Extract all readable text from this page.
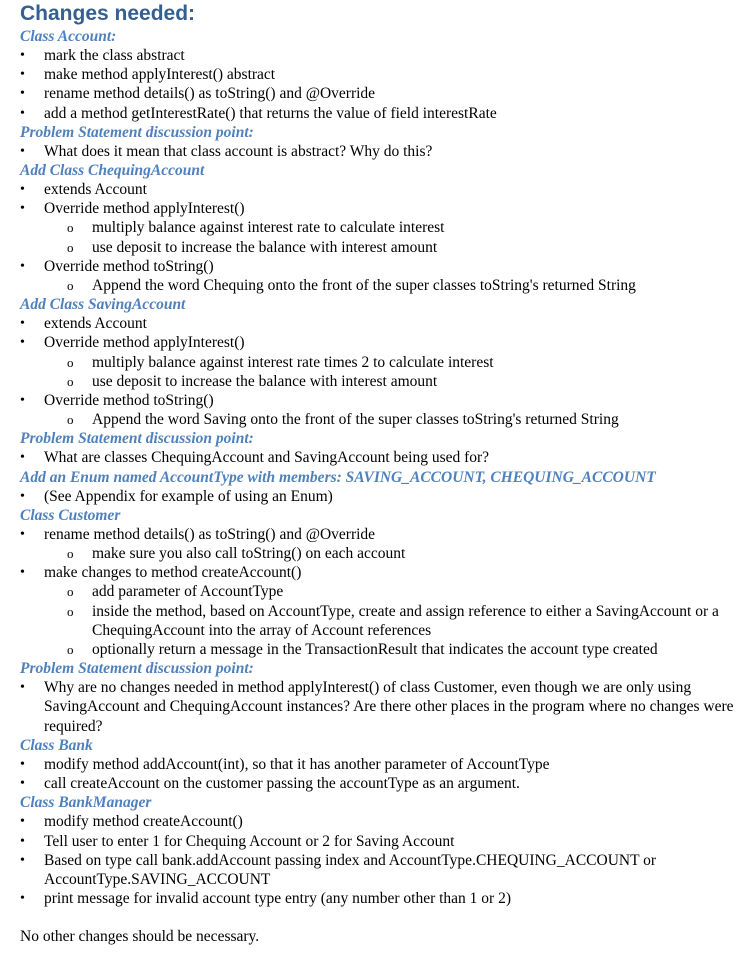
Changes needed:
Class Account:
•	mark the class abstract
•	make method applyInterest() abstract
•	rename method details() as toString() and @Override
•	add a method getInterestRate() that returns the value of field interestRate
Problem Statement discussion point:
•	What does it mean that class account is abstract? Why do this?
Add Class ChequingAccount
•	extends Account
•	Override method applyInterest()
o multiply balance against interest rate to calculate interest
o use deposit to increase the balance with interest amount
•	Override method toString()
o Append the word Chequing onto the front of the super classes toString's returned String
Add Class SavingAccount
•	extends Account
•	Override method applyInterest()
o multiply balance against interest rate times 2 to calculate interest
o use deposit to increase the balance with interest amount
•	Override method toString()
o Append the word Saving onto the front of the super classes toString's returned String
Problem Statement discussion point:
•	What are classes ChequingAccount and SavingAccount being used for?
Add an Enum named AccountType with members: SAVING_ACCOUNT, CHEQUING_ACCOUNT
•	(See Appendix for example of using an Enum)
Class Customer
•	rename method details() as toString() and @Override
o make sure you also call toString() on each account
•	make changes to method createAccount()
o add parameter of AccountType
o inside the method, based on AccountType, create and assign reference to either a SavingAccount or a ChequingAccount into the array of Account references
o optionally return a message in the TransactionResult that indicates the account type created
Problem Statement discussion point:
•	Why are no changes needed in method applyInterest() of class Customer, even though we are only using SavingAccount and ChequingAccount instances? Are there other places in the program where no changes were required?
Class Bank
•	modify method addAccount(int), so that it has another parameter of AccountType
•	call createAccount on the customer passing the accountType as an argument.
Class BankManager
•	modify method createAccount()
•	Tell user to enter 1 for Chequing Account or 2 for Saving Account
•	Based on type call bank.addAccount passing index and AccountType.CHEQUING_ACCOUNT or AccountType.SAVING_ACCOUNT
•	print message for invalid account type entry (any number other than 1 or 2)
No other changes should be necessary.
